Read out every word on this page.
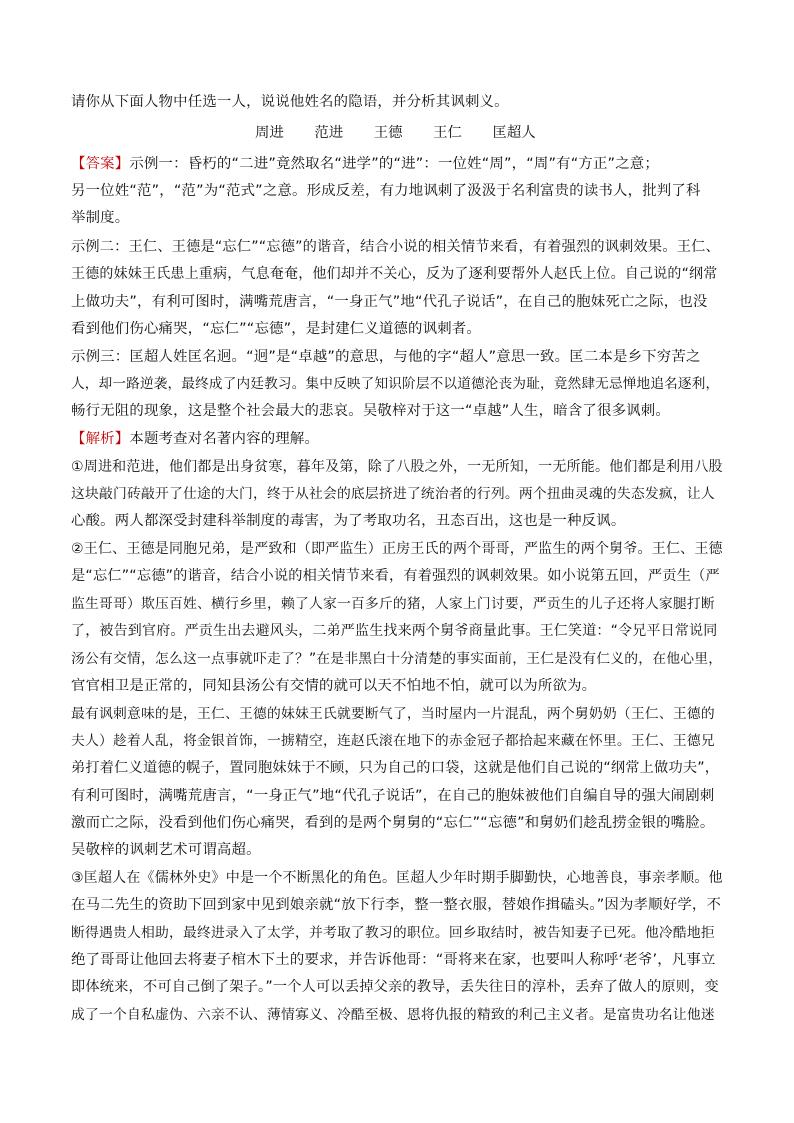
请你从下面人物中任选一人，说说他姓名的隐语，并分析其讽刺义。
周进 范进 王德 王仁 匡超人
【答案】示例一：昏朽的“二进”竟然取名“进学”的“进”：一位姓“周”，“周”有“方正”之意；
另一位姓“范”，“范”为“范式”之意。形成反差，有力地讽刺了汲汲于名利富贵的读书人，批判了科
举制度。
示例二：王仁、王德是“忘仁”“忘德”的谐音，结合小说的相关情节来看，有着强烈的讽刺效果。王仁、
王德的妹妹王氏患上重病，气息奄奄，他们却并不关心，反为了逐利要帮外人赵氏上位。自己说的“纲常
上做功夫”，有利可图时，满嘴荒唐言，“一身正气”地“代孔子说话”，在自己的胞妹死亡之际，也没
看到他们伤心痛哭，“忘仁”“忘德”，是封建仁义道德的讽刺者。
示例三：匡超人姓匡名迥。“迥”是“卓越”的意思，与他的字“超人”意思一致。匡二本是乡下穷苦之
人，却一路逆袭，最终成了内廷教习。集中反映了知识阶层不以道德沦丧为耻，竟然肆无忌惮地追名逐利，
畅行无阻的现象，这是整个社会最大的悲哀。吴敬梓对于这一“卓越”人生，暗含了很多讽刺。
【解析】本题考查对名著内容的理解。
①周进和范进，他们都是出身贫寒，暮年及第，除了八股之外，一无所知，一无所能。他们都是利用八股
这块敲门砖敲开了仕途的大门，终于从社会的底层挤进了统治者的行列。两个扭曲灵魂的失态发疯，让人
心酸。两人都深受封建科举制度的毒害，为了考取功名，丑态百出，这也是一种反讽。
②王仁、王德是同胞兄弟，是严致和（即严监生）正房王氏的两个哥哥，严监生的两个舅爷。王仁、王德
是“忘仁”“忘德”的谐音，结合小说的相关情节来看，有着强烈的讽刺效果。如小说第五回，严贡生（严
监生哥哥）欺压百姓、横行乡里，赖了人家一百多斤的猪，人家上门讨要，严贡生的儿子还将人家腿打断
了，被告到官府。严贡生出去避风头，二弟严监生找来两个舅爷商量此事。王仁笑道：“令兄平日常说同
汤公有交情，怎么这一点事就吓走了？”在是非黑白十分清楚的事实面前，王仁是没有仁义的，在他心里，
官官相卫是正常的，同知县汤公有交情的就可以天不怕地不怕，就可以为所欲为。
最有讽刺意味的是，王仁、王德的妹妹王氏就要断气了，当时屋内一片混乱，两个舅奶奶（王仁、王德的
夫人）趁着人乱，将金银首饰，一掳精空，连赵氏滚在地下的赤金冠子都拾起来藏在怀里。王仁、王德兄
弟打着仁义道德的幌子，置同胞妹妹于不顾，只为自己的口袋，这就是他们自己说的“纲常上做功夫”，
有利可图时，满嘴荒唐言，“一身正气”地“代孔子说话”，在自己的胞妹被他们自编自导的强大闹剧刺
激而亡之际，没看到他们伤心痛哭，看到的是两个舅舅的“忘仁”“忘德”和舅奶们趁乱捞金银的嘴脸。
吴敬梓的讽刺艺术可谓高超。
③匡超人在《儒林外史》中是一个不断黑化的角色。匡超人少年时期手脚勤快，心地善良，事亲孝顺。他
在马二先生的资助下回到家中见到娘亲就“放下行李，整一整衣服，替娘作揖磕头。”因为孝顺好学，不
断得遇贵人相助，最终进录入了太学，并考取了教习的职位。回乡取结时，被告知妻子已死。他冷酷地拒
绝了哥哥让他回去将妻子棺木下土的要求，并告诉他哥：“哥将来在家，也要叫人称呼‘老爷’，凡事立
即体统来，不可自己倒了架子。”一个人可以丢掉父亲的教导，丢失往日的淳朴，丢弃了做人的原则，变
成了一个自私虚伪、六亲不认、薄情寡义、冷酷至极、恩将仇报的精致的利己主义者。是富贵功名让他迷
